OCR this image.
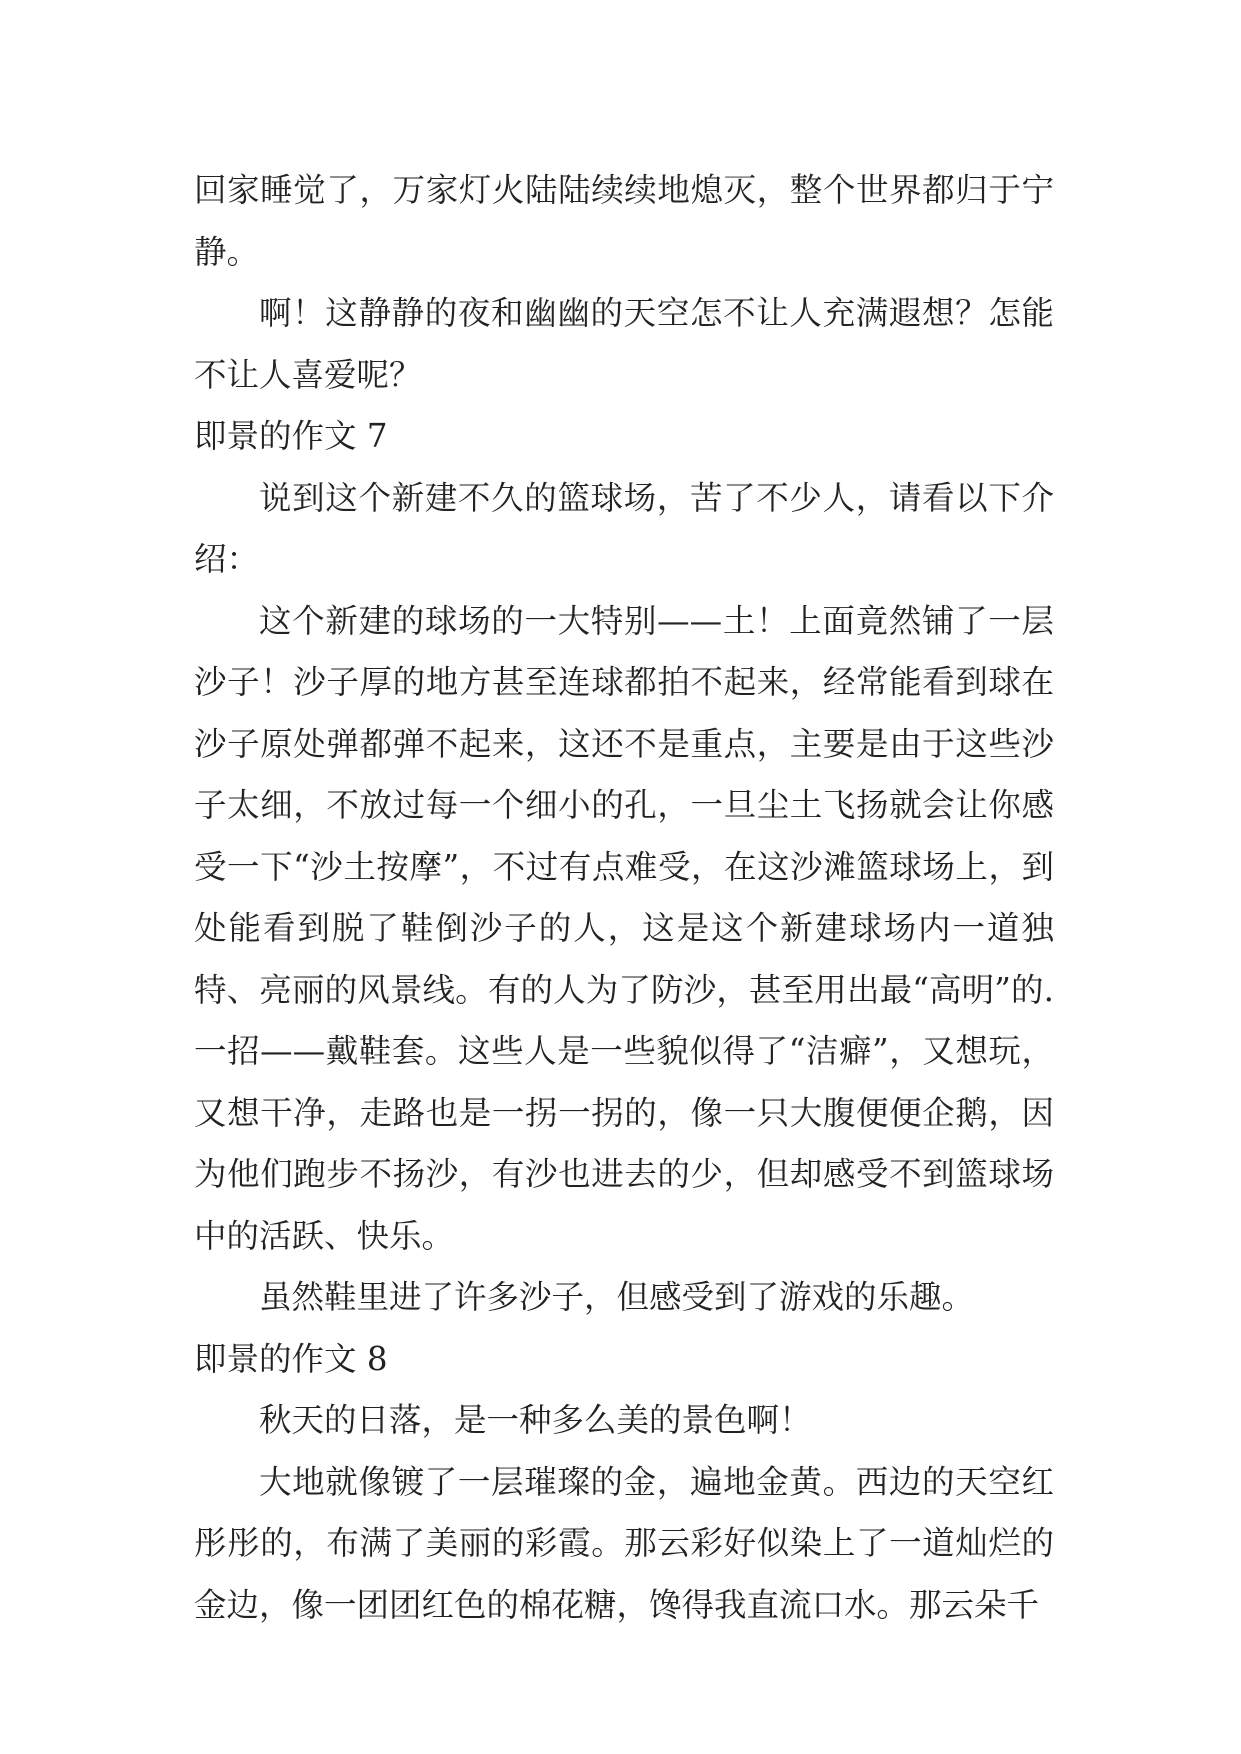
回家睡觉了，万家灯火陆陆续续地熄灭，整个世界都归于宁静。

啊！这静静的夜和幽幽的天空怎不让人充满遐想？怎能不让人喜爱呢？

即景的作文 7

说到这个新建不久的篮球场，苦了不少人，请看以下介绍：

这个新建的球场的一大特别——土！上面竟然铺了一层沙子！沙子厚的地方甚至连球都拍不起来，经常能看到球在沙子原处弹都弹不起来，这还不是重点，主要是由于这些沙子太细，不放过每一个细小的孔，一旦尘土飞扬就会让你感受一下“沙土按摩”，不过有点难受，在这沙滩篮球场上，到处能看到脱了鞋倒沙子的人，这是这个新建球场内一道独特、亮丽的风景线。有的人为了防沙，甚至用出最“高明”的.一招——戴鞋套。这些人是一些貌似得了“洁癖”，又想玩，又想干净，走路也是一拐一拐的，像一只大腹便便企鹅，因为他们跑步不扬沙，有沙也进去的少，但却感受不到篮球场中的活跃、快乐。

虽然鞋里进了许多沙子，但感受到了游戏的乐趣。

即景的作文 8

秋天的日落，是一种多么美的景色啊！

大地就像镀了一层璀璨的金，遍地金黄。西边的天空红彤彤的，布满了美丽的彩霞。那云彩好似染上了一道灿烂的金边，像一团团红色的棉花糖，馋得我直流口水。那云朵千
